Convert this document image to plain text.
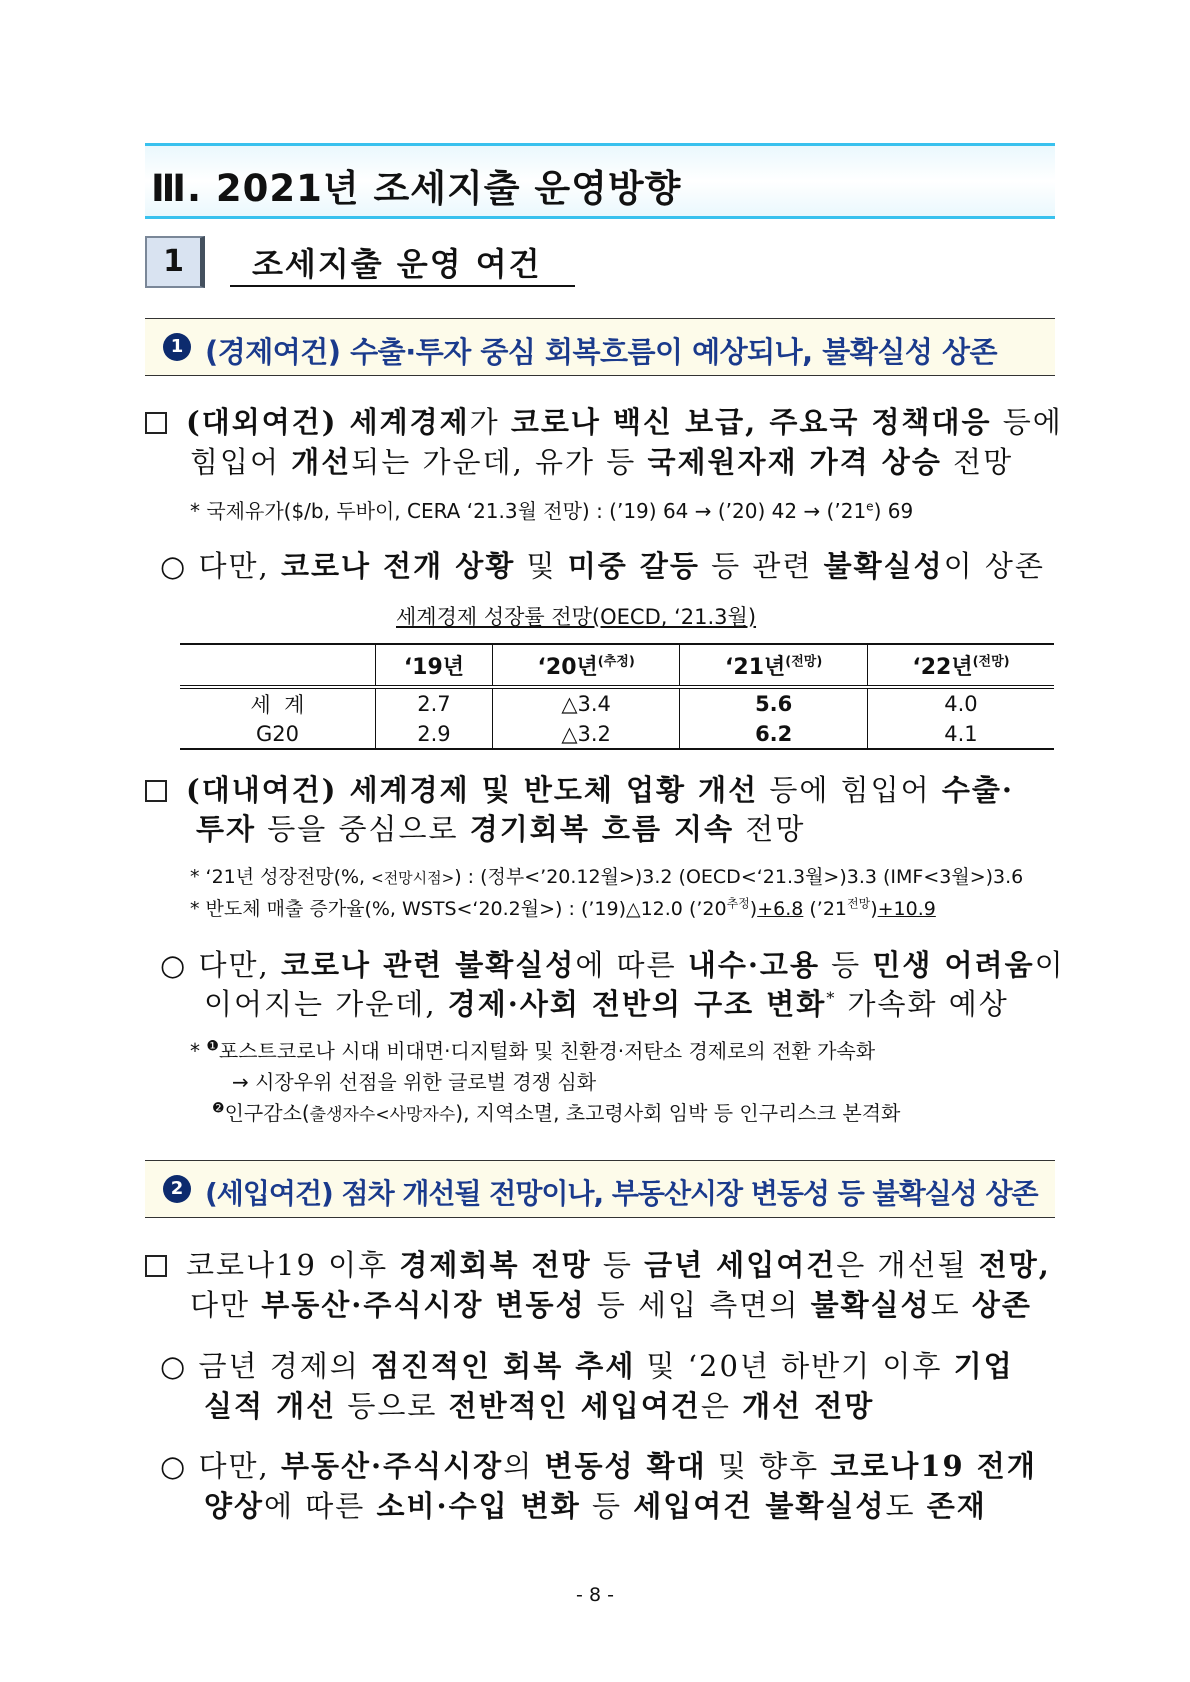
Ⅲ. 2021년 조세지출 운영방향
1	조세지출 운영 여건
1 (경제여건) 수출·투자 중심 회복흐름이 예상되나, 불확실성 상존
(대외여건) 세계경제가 코로나 백신 보급, 주요국 정책대응 등에
힘입어 개선되는 가운데, 유가 등 국제원자재 가격 상승 전망
* 국제유가($/b, 두바이, CERA ‘21.3월 전망) : (’19) 64 → (’20) $42 \to (’21^e)$ 69
○ 다만, 코로나 전개 상황 및 미중 갈등 등 관련 불확실성이 상존
세계경제 성장률 전망(OECD, ‘21.3월)
	‘19년	‘20년$^{(추정)}$	‘21년$^{(전망)}$	‘22년$^{(전망)}$
세  계	2.7	△3.4	5.6	4.0
G20	2.9	△3.2	6.2	4.1
(대내여건) 세계경제 및 반도체 업황 개선 등에 힘입어 수출·
투자 등을 중심으로 경기회복 흐름 지속 전망
* ‘21년 성장전망(%, <전망시점>) : (정부<’20.12월>)3.2 (OECD<‘21.3월>)3.3 (IMF<3월>)3.6
* 반도체 매출 증가율(%, WSTS<‘20.2월>) : (’19)△12.0 $(’20^{추정})+6.8$ $(’21^{전망})+10.9$
○ 다만, 코로나 관련 불확실성에 따른 내수·고용 등 민생 어려움이
이어지는 가운데, 경제·사회 전반의 구조 변화* 가속화 예상
* $^❶$포스트코로나 시대 비대면·디지털화 및 친환경·저탄소 경제로의 전환 가속화
→ 시장우위 선점을 위한 글로벌 경쟁 심화
$^❷$인구감소(출생자수<사망자수), 지역소멸, 초고령사회 임박 등 인구리스크 본격화
2 (세입여건) 점차 개선될 전망이나, 부동산시장 변동성 등 불확실성 상존
코로나19 이후 경제회복 전망 등 금년 세입여건은 개선될 전망,
다만 부동산·주식시장 변동성 등 세입 측면의 불확실성도 상존
○ 금년 경제의 점진적인 회복 추세 및 ‘20년 하반기 이후 기업
실적 개선 등으로 전반적인 세입여건은 개선 전망
○ 다만, 부동산·주식시장의 변동성 확대 및 향후 코로나19 전개
양상에 따른 소비·수입 변화 등 세입여건 불확실성도 존재
- 8 -
